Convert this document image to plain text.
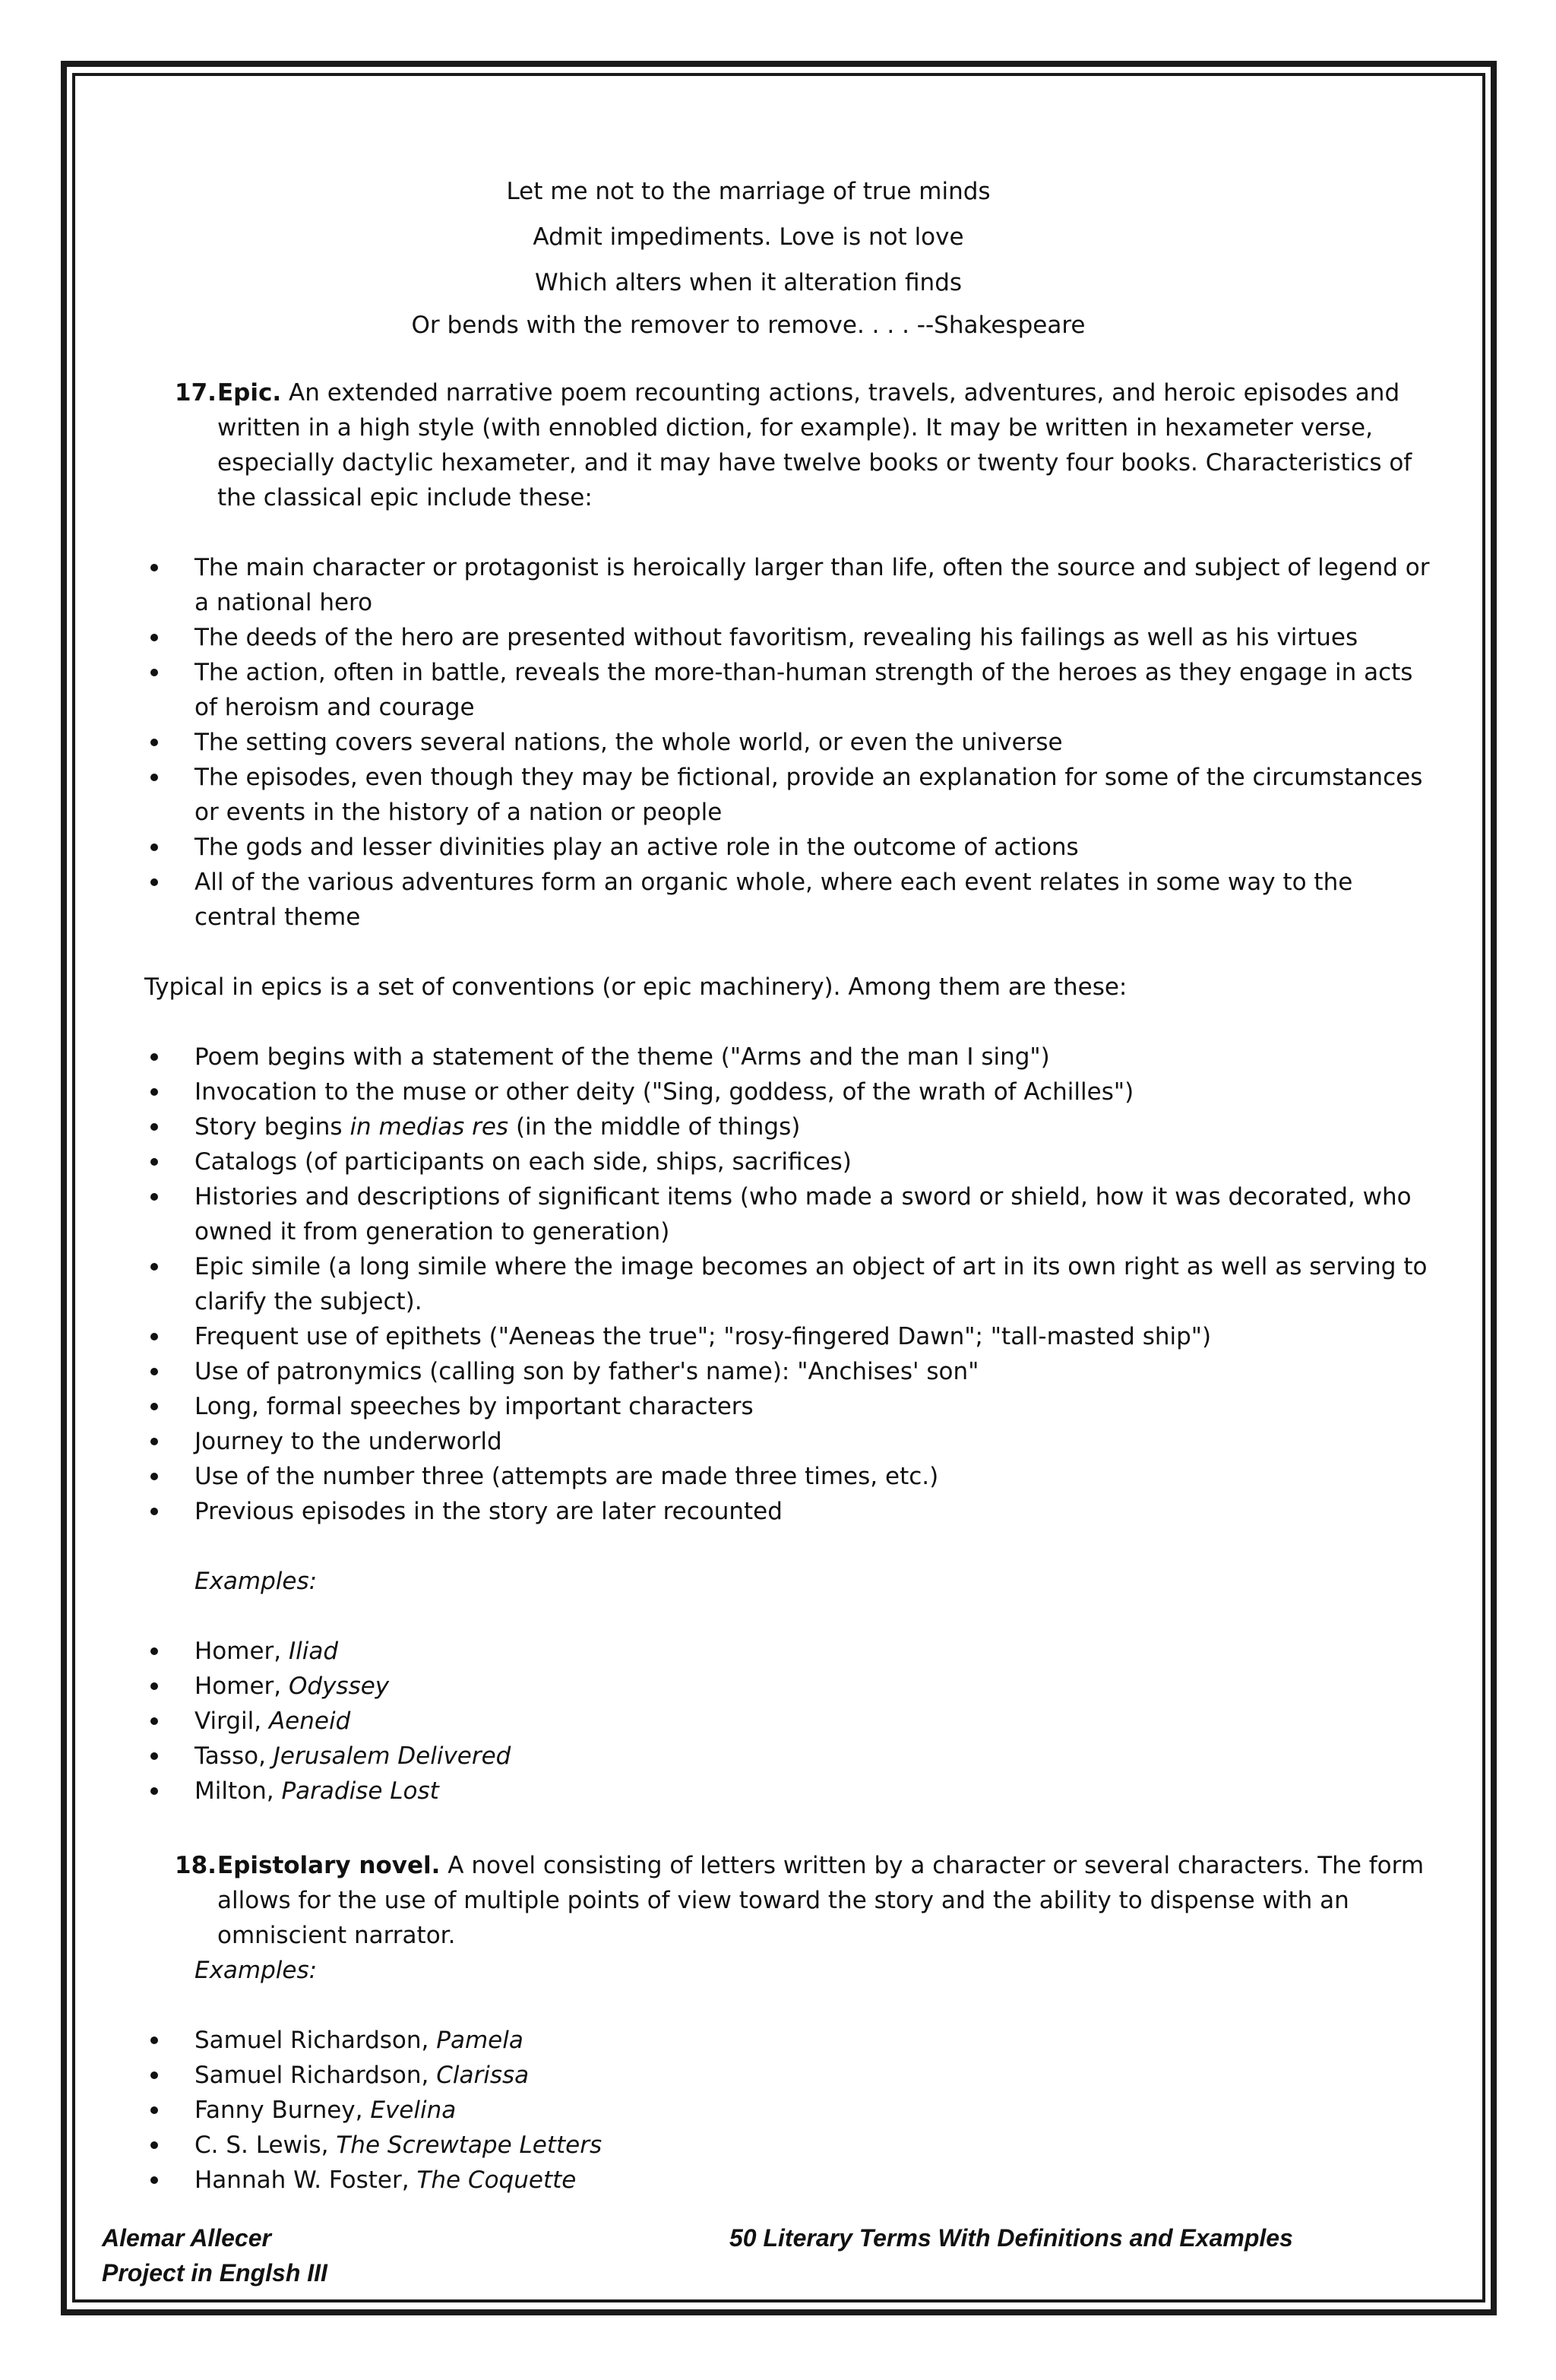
Let me not to the marriage of true minds
Admit impediments. Love is not love
Which alters when it alteration finds
Or bends with the remover to remove. . . . --Shakespeare
17. Epic. An extended narrative poem recounting actions, travels, adventures, and heroic episodes and written in a high style (with ennobled diction, for example). It may be written in hexameter verse, especially dactylic hexameter, and it may have twelve books or twenty four books. Characteristics of the classical epic include these:
The main character or protagonist is heroically larger than life, often the source and subject of legend or a national hero
The deeds of the hero are presented without favoritism, revealing his failings as well as his virtues
The action, often in battle, reveals the more-than-human strength of the heroes as they engage in acts of heroism and courage
The setting covers several nations, the whole world, or even the universe
The episodes, even though they may be fictional, provide an explanation for some of the circumstances or events in the history of a nation or people
The gods and lesser divinities play an active role in the outcome of actions
All of the various adventures form an organic whole, where each event relates in some way to the central theme
Typical in epics is a set of conventions (or epic machinery). Among them are these:
Poem begins with a statement of the theme ("Arms and the man I sing")
Invocation to the muse or other deity ("Sing, goddess, of the wrath of Achilles")
Story begins in medias res (in the middle of things)
Catalogs (of participants on each side, ships, sacrifices)
Histories and descriptions of significant items (who made a sword or shield, how it was decorated, who owned it from generation to generation)
Epic simile (a long simile where the image becomes an object of art in its own right as well as serving to clarify the subject).
Frequent use of epithets ("Aeneas the true"; "rosy-fingered Dawn"; "tall-masted ship")
Use of patronymics (calling son by father's name): "Anchises' son"
Long, formal speeches by important characters
Journey to the underworld
Use of the number three (attempts are made three times, etc.)
Previous episodes in the story are later recounted
Examples:
Homer, Iliad
Homer, Odyssey
Virgil, Aeneid
Tasso, Jerusalem Delivered
Milton, Paradise Lost
18. Epistolary novel. A novel consisting of letters written by a character or several characters. The form allows for the use of multiple points of view toward the story and the ability to dispense with an omniscient narrator.
Examples:
Samuel Richardson, Pamela
Samuel Richardson, Clarissa
Fanny Burney, Evelina
C. S. Lewis, The Screwtape Letters
Hannah W. Foster, The Coquette
Alemar Allecer
Project in Englsh III
50 Literary Terms With Definitions and Examples
